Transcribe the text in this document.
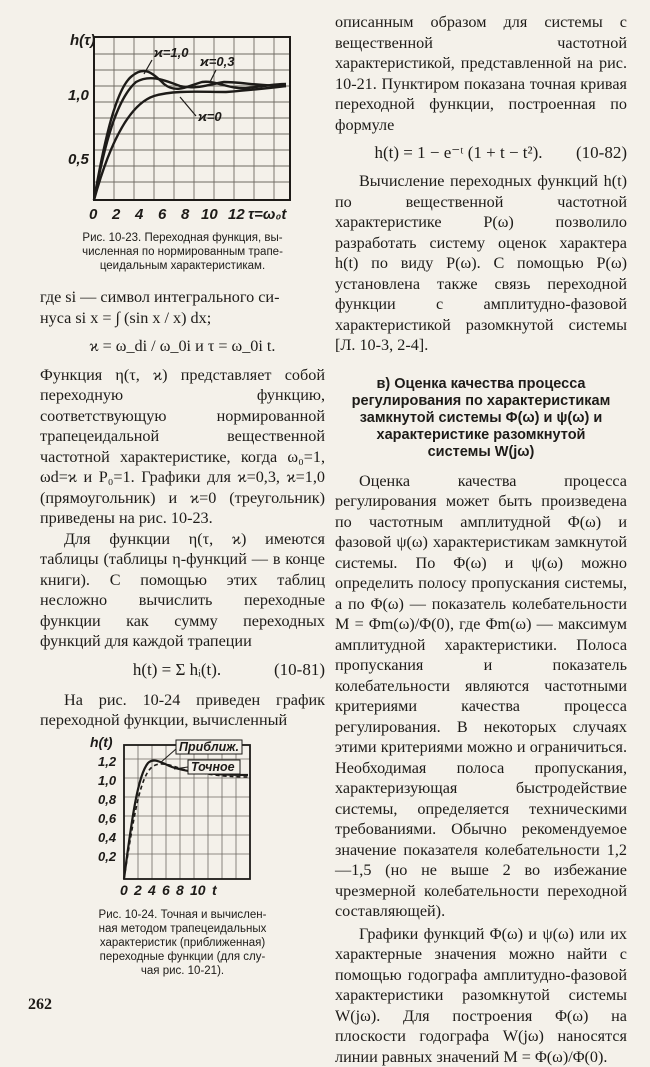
h(τ)
1,0
0,5
0 2 4 6 8 10 12 τ=ω₀t
ϰ=1,0
ϰ=0,3
ϰ=0
Рис. 10-23. Переходная функция, вы-
численная по нормированным трапе-
цеидальным характеристикам.

где si — символ интегрального си-

нуса si x = ∫ (sin x / x) dx;

ϰ = ω_di / ω_0i и τ = ω_0i t.

Функция η(τ, ϰ) представляет собой переходную функцию, соответствующую нормированной трапецеидальной вещественной частотной характеристике, когда ω₀=1, ωd=ϰ и P₀=1. Графики для ϰ=0,3, ϰ=1,0 (прямоугольник) и ϰ=0 (треугольник) приведены на рис. 10-23.

Для функции η(τ, ϰ) имеются таблицы (таблицы η-функций — в конце книги). С помощью этих таблиц несложно вычислить переходные функции как сумму переходных функций для каждой трапеции

h(t) = Σ hᵢ(t).	(10-81)

На рис. 10-24 приведен график переходной функции, вычисленный

h(t)
1,2
1,0
0,8
0,6
0,4
0,2
0 2 4 6 8 10 t
Приближ.
Точное
Рис. 10-24. Точная и вычислен-
ная методом трапецеидальных
характеристик (приближенная)
переходные функции (для слу-
чая рис. 10-21).

описанным образом для системы с вещественной частотной характеристикой, представленной на рис. 10-21. Пунктиром показана точная кривая переходной функции, построенная по формуле

h(t) = 1 − e⁻ᵗ (1 + t − t²). (10-82)

Вычисление переходных функций h(t) по вещественной частотной характеристике P(ω) позволило разработать систему оценок характера h(t) по виду P(ω). С помощью P(ω) установлена также связь переходной функции с амплитудно-фазовой характеристикой разомкнутой системы [Л. 10-3, 2-4].

в) Оценка качества процесса регулирования по характеристикам замкнутой системы Φ(ω) и ψ(ω) и характеристике разомкнутой системы W(jω)

Оценка качества процесса регулирования может быть произведена по частотным амплитудной Φ(ω) и фазовой ψ(ω) характеристикам замкнутой системы. По Φ(ω) и ψ(ω) можно определить полосу пропускания системы, а по Φ(ω) — показатель колебательности M = Φm(ω)/Φ(0), где Φm(ω) — максимум амплитудной характеристики. Полоса пропускания и показатель колебательности являются частотными критериями качества процесса регулирования. В некоторых случаях этими критериями можно и ограничиться. Необходимая полоса пропускания, характеризующая быстродействие системы, определяется техническими требованиями. Обычно рекомендуемое значение показателя колебательности 1,2—1,5 (но не выше 2 во избежание чрезмерной колебательности переходной составляющей).

Графики функций Φ(ω) и ψ(ω) или их характерные значения можно найти с помощью годографа амплитудно-фазовой характеристики разомкнутой системы W(jω). Для построения Φ(ω) на плоскости годографа W(jω) наносятся линии равных значений M = Φ(ω)/Φ(0).

262
